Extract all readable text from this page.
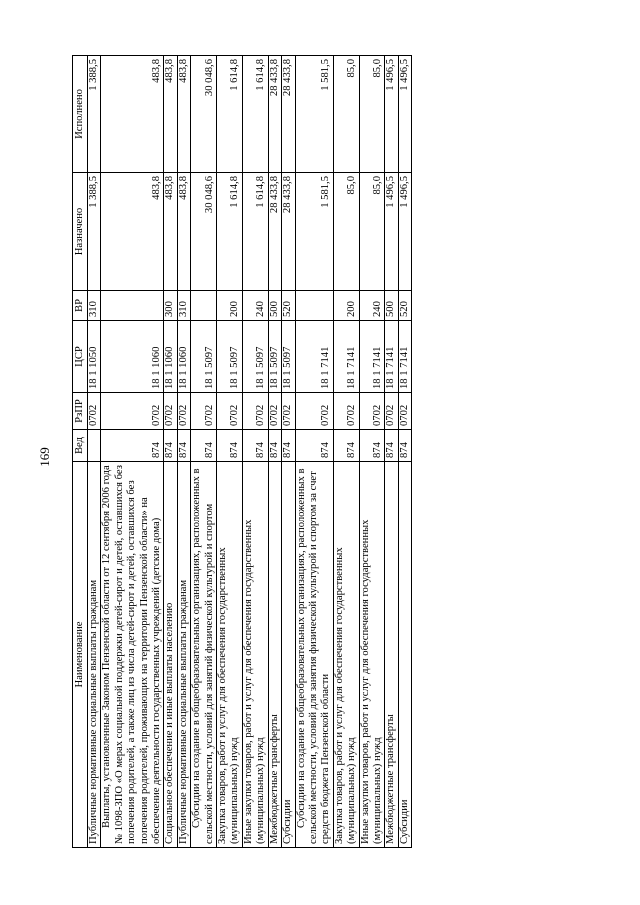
169
Наименование	Вед	РзПР	ЦСР	ВР	Назначено	Исполнено

Публичные нормативные социальные выплаты гражданам		0702	18 1 1050	310	1 388,5	1 388,5

Выплаты, установленные Законом Пензенской области от 12 сентября 2006 года № 1098-ЗПО «О мерах социальной поддержки детей-сирот и детей, оставшихся без попечения родителей, а также лиц из числа детей-сирот и детей, оставшихся без попечения родителей, проживающих на территории Пензенской области» на обеспечение деятельности государственных учреждений (детские дома)	874	0702	18 1 1060		483,8	483,8

Социальное обеспечение и иные выплаты населению	874	0702	18 1 1060	300	483,8	483,8

Публичные нормативные социальные выплаты гражданам	874	0702	18 1 1060	310	483,8	483,8

Субсидии на создание в общеобразовательных организациях, расположенных в сельской местности, условий для занятий физической культурой и спортом	874	0702	18 1 5097		30 048,6	30 048,6

Закупка товаров, работ и услуг для обеспечения государственных (муниципальных) нужд	874	0702	18 1 5097	200	1 614,8	1 614,8

Иные закупки товаров, работ и услуг для обеспечения государственных (муниципальных) нужд	874	0702	18 1 5097	240	1 614,8	1 614,8

Межбюджетные трансферты	874	0702	18 1 5097	500	28 433,8	28 433,8

Субсидии	874	0702	18 1 5097	520	28 433,8	28 433,8

Субсидии на создание в общеобразовательных организациях, расположенных в сельской местности, условий для занятия физической культурой и спортом за счет средств бюджета Пензенской области	874	0702	18 1 7141		1 581,5	1 581,5

Закупка товаров, работ и услуг для обеспечения государственных (муниципальных) нужд	874	0702	18 1 7141	200	85,0	85,0

Иные закупки товаров, работ и услуг для обеспечения государственных (муниципальных) нужд	874	0702	18 1 7141	240	85,0	85,0

Межбюджетные трансферты	874	0702	18 1 7141	500	1 496,5	1 496,5

Субсидии	874	0702	18 1 7141	520	1 496,5	1 496,5
